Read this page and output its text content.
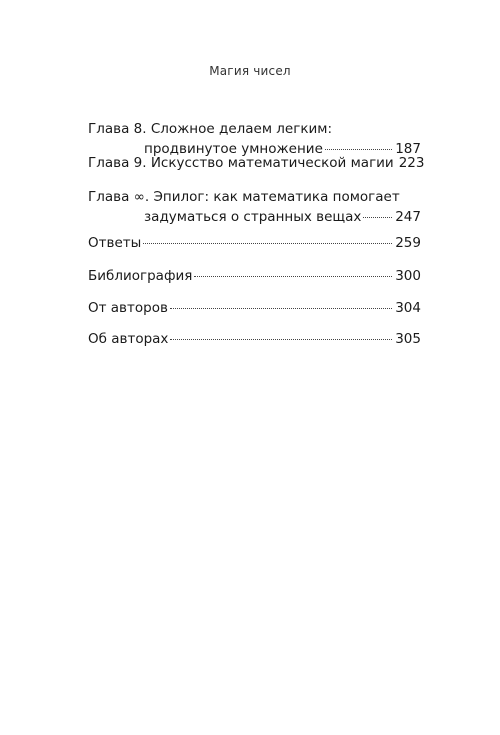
Магия чисел
Глава 8. Сложное делаем легким:
продвинутое умножение	187
Глава 9. Искусство математической магии 223
Глава ∞. Эпилог: как математика помогает
задуматься о странных вещах	247
Ответы	259
Библиография	300
От авторов	304
Об авторах	305
